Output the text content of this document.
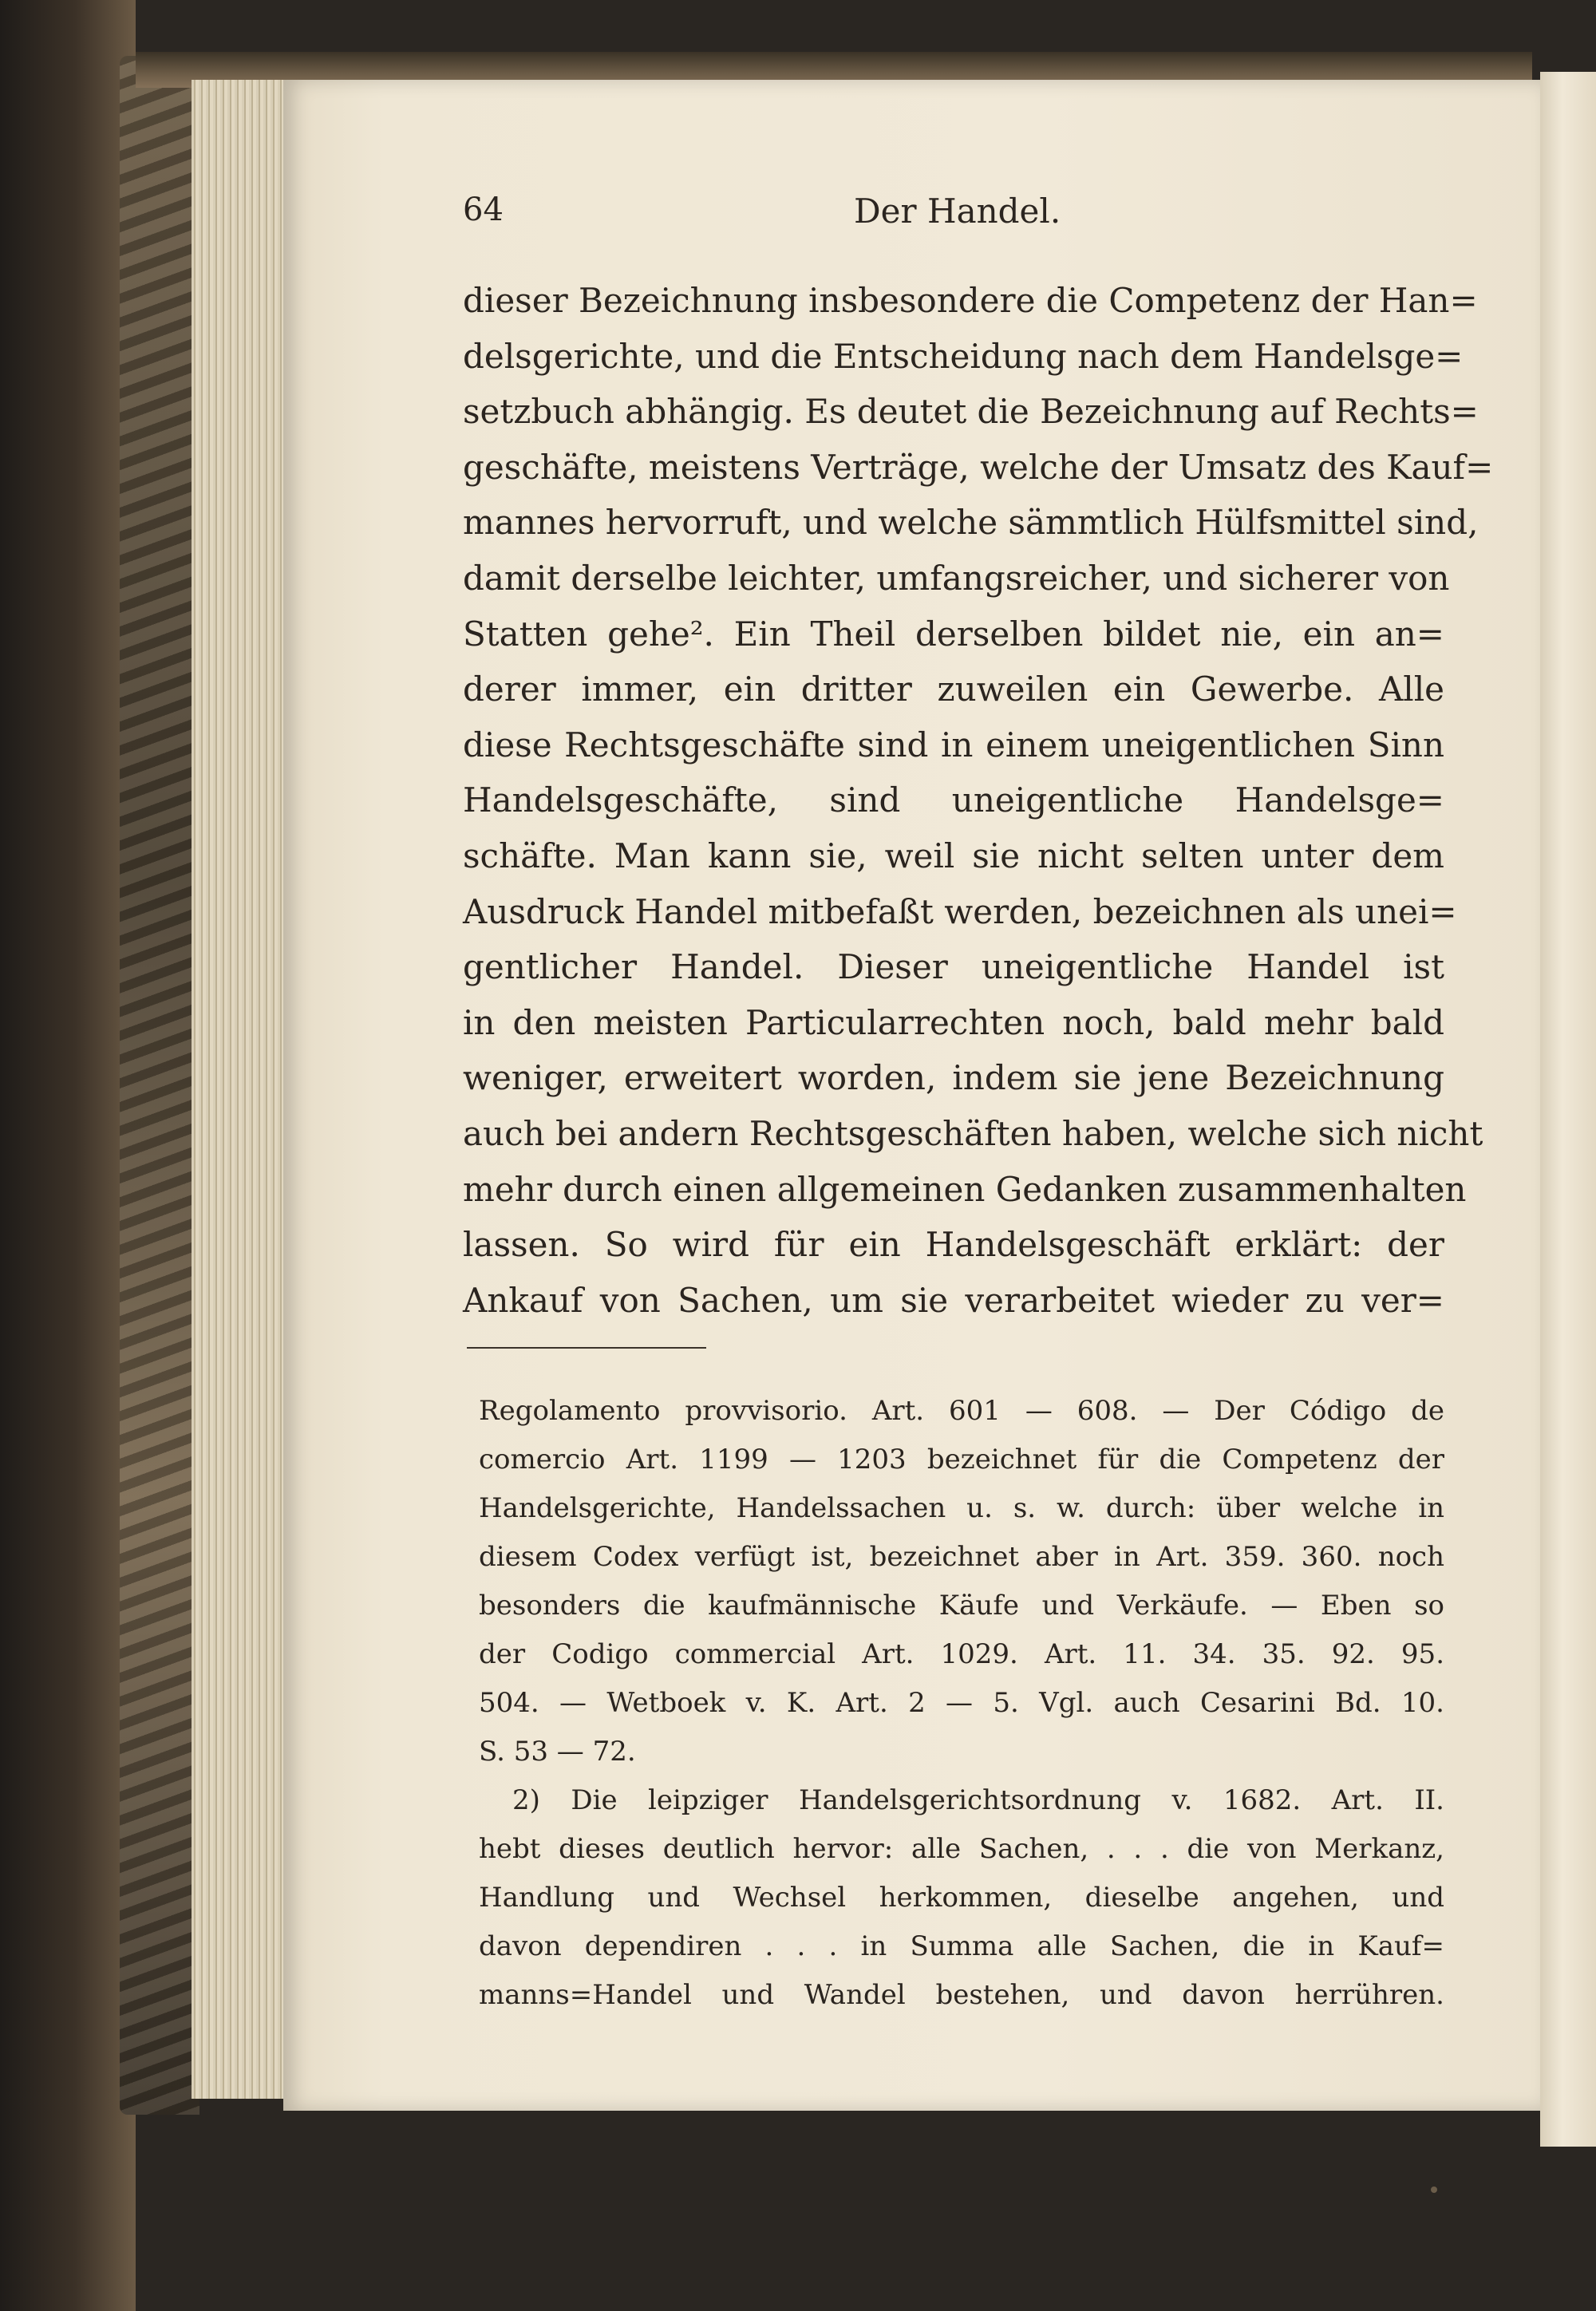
64	Der Handel.
dieser Bezeichnung insbesondere die Competenz der Han=
delsgerichte, und die Entscheidung nach dem Handelsge=
setzbuch abhängig. Es deutet die Bezeichnung auf Rechts=
geschäfte, meistens Verträge, welche der Umsatz des Kauf=
mannes hervorruft, und welche sämmtlich Hülfsmittel sind,
damit derselbe leichter, umfangsreicher, und sicherer von
Statten gehe². Ein Theil derselben bildet nie, ein an=
derer immer, ein dritter zuweilen ein Gewerbe. Alle
diese Rechtsgeschäfte sind in einem uneigentlichen Sinn
Handelsgeschäfte, sind uneigentliche Handelsge=
schäfte. Man kann sie, weil sie nicht selten unter dem
Ausdruck Handel mitbefaßt werden, bezeichnen als unei=
gentlicher Handel. Dieser uneigentliche Handel ist
in den meisten Particularrechten noch, bald mehr bald
weniger, erweitert worden, indem sie jene Bezeichnung
auch bei andern Rechtsgeschäften haben, welche sich nicht
mehr durch einen allgemeinen Gedanken zusammenhalten
lassen. So wird für ein Handelsgeschäft erklärt: der
Ankauf von Sachen, um sie verarbeitet wieder zu ver=
Regolamento provvisorio. Art. 601 — 608. — Der Código de
comercio Art. 1199 — 1203 bezeichnet für die Competenz der
Handelsgerichte, Handelssachen u. s. w. durch: über welche in
diesem Codex verfügt ist, bezeichnet aber in Art. 359. 360. noch
besonders die kaufmännische Käufe und Verkäufe. — Eben so
der Codigo commercial Art. 1029. Art. 11. 34. 35. 92. 95.
504. — Wetboek v. K. Art. 2 — 5. Vgl. auch Cesarini Bd. 10.
S. 53 — 72.
2) Die leipziger Handelsgerichtsordnung v. 1682. Art. II.
hebt dieses deutlich hervor: alle Sachen, . . . die von Merkanz,
Handlung und Wechsel herkommen, dieselbe angehen, und
davon dependiren . . . in Summa alle Sachen, die in Kauf=
manns=Handel und Wandel bestehen, und davon herrühren.
